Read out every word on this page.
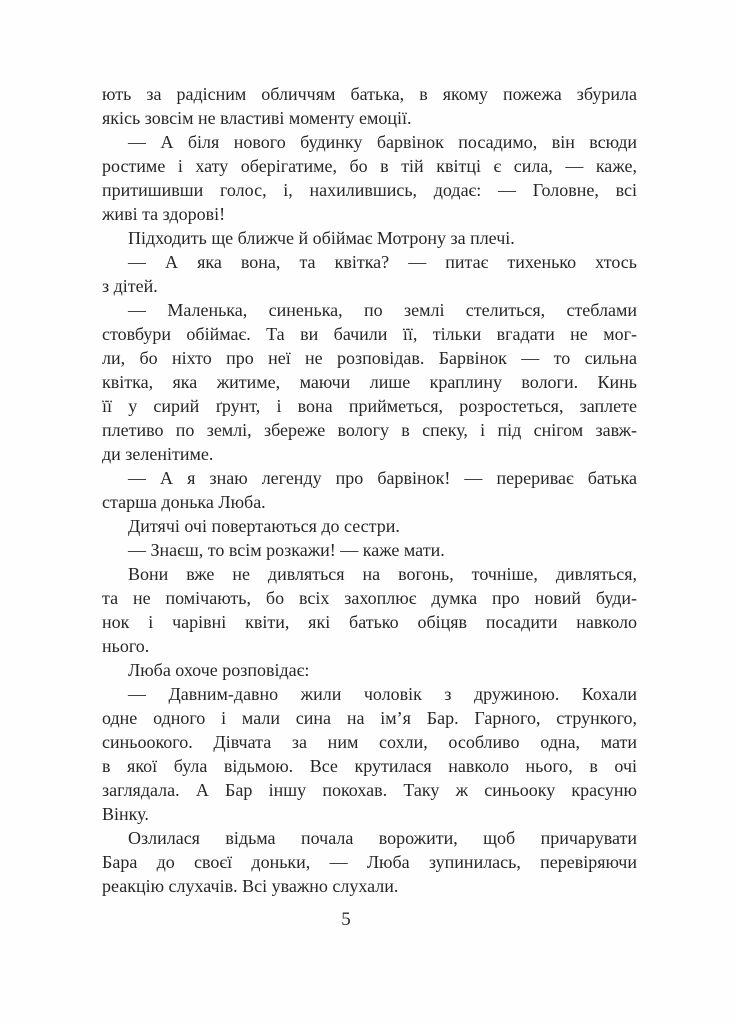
ють за радісним обличчям батька, в якому пожежа збурила
якісь зовсім не властиві моменту емоції.
— А біля нового будинку барвінок посадимо, він всюди
ростиме і хату оберігатиме, бо в тій квітці є сила, — каже,
притишивши голос, і, нахилившись, додає: — Головне, всі
живі та здорові!
Підходить ще ближче й обіймає Мотрону за плечі.
— А яка вона, та квітка? — питає тихенько хтось
з дітей.
— Маленька, синенька, по землі стелиться, стеблами
стовбури обіймає. Та ви бачили її, тільки вгадати не мог-
ли, бо ніхто про неї не розповідав. Барвінок — то сильна
квітка, яка житиме, маючи лише краплину вологи. Кинь
її у сирий ґрунт, і вона прийметься, розростеться, заплете
плетиво по землі, збереже вологу в спеку, і під снігом завж-
ди зеленітиме.
— А я знаю легенду про барвінок! — перериває батька
старша донька Люба.
Дитячі очі повертаються до сестри.
— Знаєш, то всім розкажи! — каже мати.
Вони вже не дивляться на вогонь, точніше, дивляться,
та не помічають, бо всіх захоплює думка про новий буди-
нок і чарівні квіти, які батько обіцяв посадити навколо
нього.
Люба охоче розповідає:
— Давним-давно жили чоловік з дружиною. Кохали
одне одного і мали сина на ім’я Бар. Гарного, стрункого,
синьоокого. Дівчата за ним сохли, особливо одна, мати
в якої була відьмою. Все крутилася навколо нього, в очі
заглядала. А Бар іншу покохав. Таку ж синьооку красуню
Вінку.
Озлилася відьма почала ворожити, щоб причарувати
Бара до своєї доньки, — Люба зупинилась, перевіряючи
реакцію слухачів. Всі уважно слухали.
5
